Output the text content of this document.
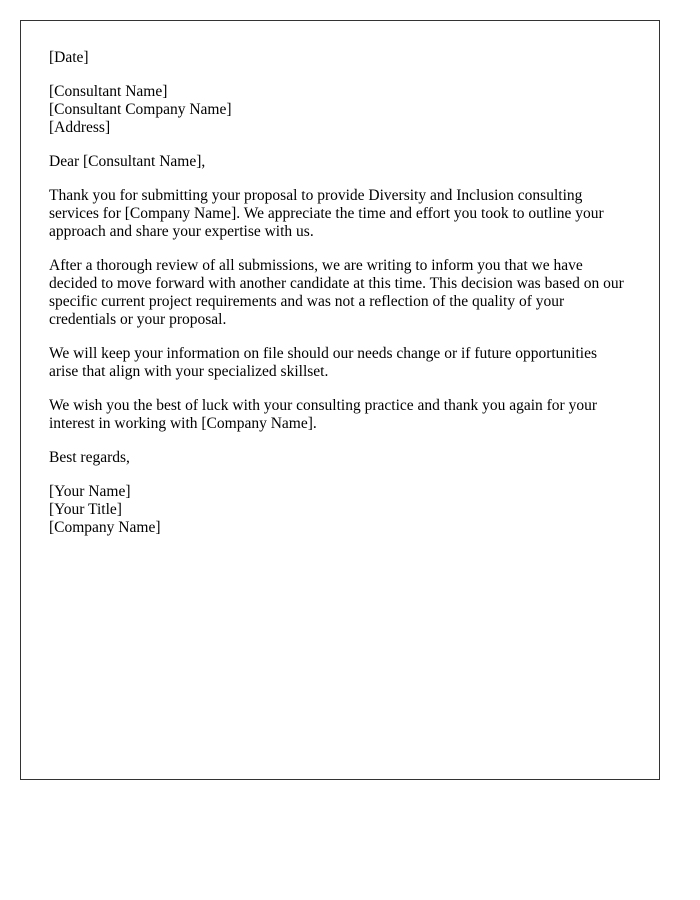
[Date]
[Consultant Name]
[Consultant Company Name]
[Address]

Dear [Consultant Name],

Thank you for submitting your proposal to provide Diversity and Inclusion consulting services for [Company Name]. We appreciate the time and effort you took to outline your approach and share your expertise with us.

After a thorough review of all submissions, we are writing to inform you that we have decided to move forward with another candidate at this time. This decision was based on our specific current project requirements and was not a reflection of the quality of your credentials or your proposal.

We will keep your information on file should our needs change or if future opportunities arise that align with your specialized skillset.

We wish you the best of luck with your consulting practice and thank you again for your interest in working with [Company Name].

Best regards,

[Your Name]
[Your Title]
[Company Name]
